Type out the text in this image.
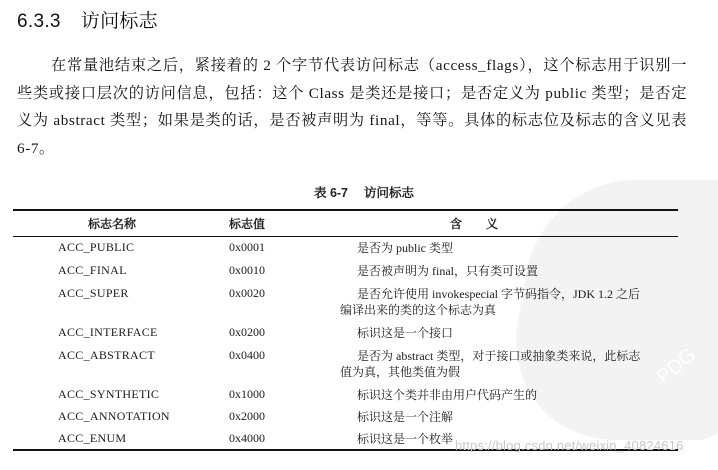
PDG
6.3.3 访问标志
在常量池结束之后，紧接着的 2 个字节代表访问标志（access_flags），这个标志用于识别一些类或接口层次的访问信息，包括：这个 Class 是类还是接口；是否定义为 public 类型；是否定义为 abstract 类型；如果是类的话，是否被声明为 final，等等。具体的标志位及标志的含义见表 6-7。
表 6-7 访问标志
标志名称	标志值	含　　义
ACC_PUBLIC	0x0001	是否为 public 类型
ACC_FINAL	0x0010	是否被声明为 final，只有类可设置
ACC_SUPER	0x0020	是否允许使用 invokespecial 字节码指令，JDK 1.2 之后
编译出来的类的这个标志为真
ACC_INTERFACE	0x0200	标识这是一个接口
ACC_ABSTRACT	0x0400	是否为 abstract 类型，对于接口或抽象类来说，此标志
值为真，其他类值为假
ACC_SYNTHETIC	0x1000	标识这个类并非由用户代码产生的
ACC_ANNOTATION	0x2000	标识这是一个注解
ACC_ENUM	0x4000	标识这是一个枚举 https://blog.csdn.net/weixin_40824616
